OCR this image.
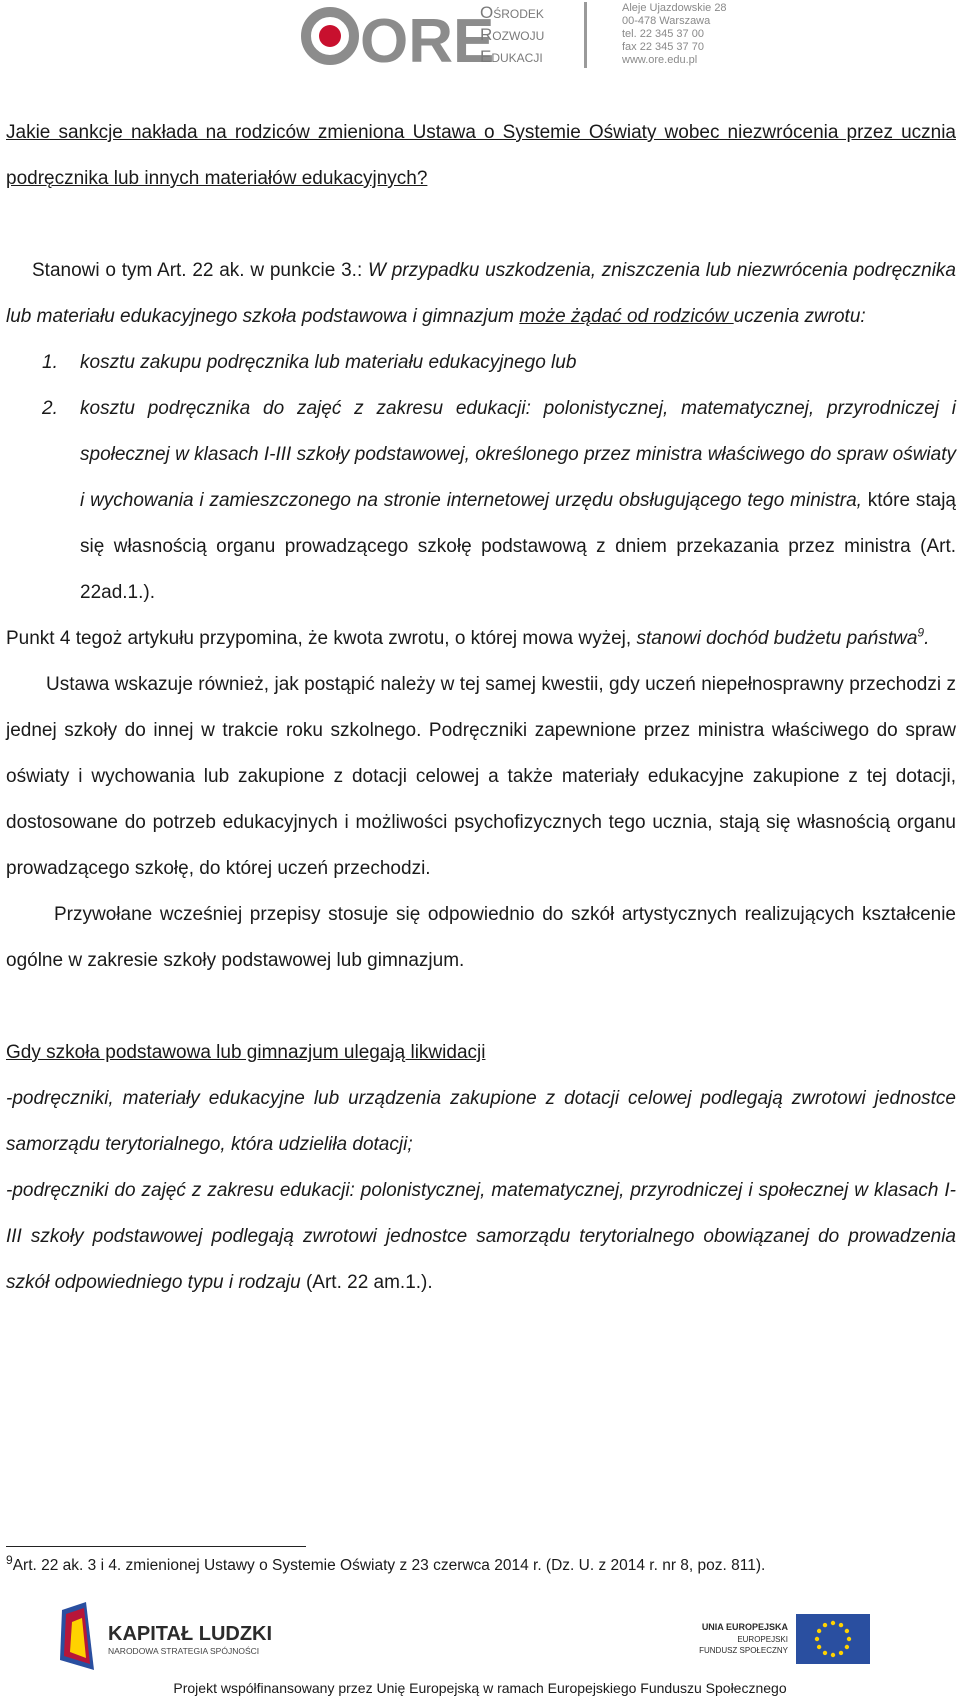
ORE
Ośrodek
Rozwoju
Edukacji
Aleje Ujazdowskie 28
00-478 Warszawa
tel. 22 345 37 00
fax 22 345 37 70
www.ore.edu.pl

Jakie sankcje nakłada na rodziców zmieniona Ustawa o Systemie Oświaty wobec niezwrócenia przez ucznia podręcznika lub innych materiałów edukacyjnych?

Stanowi o tym Art. 22 ak. w punkcie 3.: W przypadku uszkodzenia, zniszczenia lub niezwrócenia podręcznika lub materiału edukacyjnego szkoła podstawowa i gimnazjum może żądać od rodziców uczenia zwrotu:

1. kosztu zakupu podręcznika lub materiału edukacyjnego lub
2. kosztu podręcznika do zajęć z zakresu edukacji: polonistycznej, matematycznej, przyrodniczej i społecznej w klasach I-III szkoły podstawowej, określonego przez ministra właściwego do spraw oświaty i wychowania i zamieszczonego na stronie internetowej urzędu obsługującego tego ministra, które stają się własnością organu prowadzącego szkołę podstawową z dniem przekazania przez ministra (Art. 22ad.1.).

Punkt 4 tegoż artykułu przypomina, że kwota zwrotu, o której mowa wyżej, stanowi dochód budżetu państwa$^9$.

Ustawa wskazuje również, jak postąpić należy w tej samej kwestii, gdy uczeń niepełnosprawny przechodzi z jednej szkoły do innej w trakcie roku szkolnego. Podręczniki zapewnione przez ministra właściwego do spraw oświaty i wychowania lub zakupione z dotacji celowej a także materiały edukacyjne zakupione z tej dotacji, dostosowane do potrzeb edukacyjnych i możliwości psychofizycznych tego ucznia, stają się własnością organu prowadzącego szkołę, do której uczeń przechodzi.

Przywołane wcześniej przepisy stosuje się odpowiednio do szkół artystycznych realizujących kształcenie ogólne w zakresie szkoły podstawowej lub gimnazjum.

Gdy szkoła podstawowa lub gimnazjum ulegają likwidacji

-podręczniki, materiały edukacyjne lub urządzenia zakupione z dotacji celowej podlegają zwrotowi jednostce samorządu terytorialnego, która udzieliła dotacji;

-podręczniki do zajęć z zakresu edukacji: polonistycznej, matematycznej, przyrodniczej i społecznej w klasach I-III szkoły podstawowej podlegają zwrotowi jednostce samorządu terytorialnego obowiązanej do prowadzenia szkół odpowiedniego typu i rodzaju (Art. 22 am.1.).

$^9$Art. 22 ak. 3 i 4. zmienionej Ustawy o Systemie Oświaty z 23 czerwca 2014 r. (Dz. U. z 2014 r. nr 8, poz. 811).
KAPITAŁ LUDZKI
NARODOWA STRATEGIA SPÓJNOŚCI
UNIA EUROPEJSKA
EUROPEJSKI
FUNDUSZ SPOŁECZNY
Projekt współfinansowany przez Unię Europejską w ramach Europejskiego Funduszu Społecznego
